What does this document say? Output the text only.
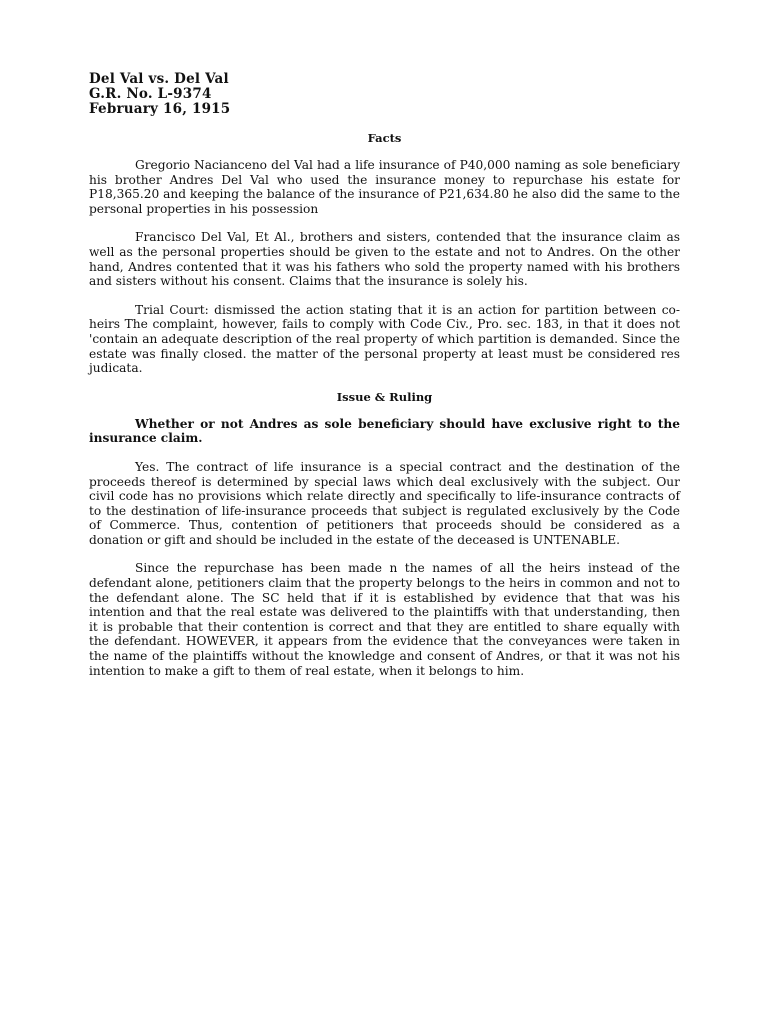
Del Val vs. Del Val
G.R. No. L-9374
February 16, 1915
Facts

Gregorio Nacianceno del Val had a life insurance of P40,000 naming as sole beneficiary his brother Andres Del Val who used the insurance money to repurchase his estate for P18,365.20 and keeping the balance of the insurance of P21,634.80 he also did the same to the personal properties in his possession

Francisco Del Val, Et Al., brothers and sisters, contended that the insurance claim as well as the personal properties should be given to the estate and not to Andres. On the other hand, Andres contented that it was his fathers who sold the property named with his brothers and sisters without his consent. Claims that the insurance is solely his.

Trial Court: dismissed the action stating that it is an action for partition between co-heirs The complaint, however, fails to comply with Code Civ., Pro. sec. 183, in that it does not 'contain an adequate description of the real property of which partition is demanded. Since the estate was finally closed. the matter of the personal property at least must be considered res judicata.

Issue & Ruling

Whether or not Andres as sole beneficiary should have exclusive right to the insurance claim.

Yes. The contract of life insurance is a special contract and the destination of the proceeds thereof is determined by special laws which deal exclusively with the subject. Our civil code has no provisions which relate directly and specifically to life-insurance contracts of to the destination of life-insurance proceeds that subject is regulated exclusively by the Code of Commerce. Thus, contention of petitioners that proceeds should be considered as a donation or gift and should be included in the estate of the deceased is UNTENABLE.

Since the repurchase has been made n the names of all the heirs instead of the defendant alone, petitioners claim that the property belongs to the heirs in common and not to the defendant alone. The SC held that if it is established by evidence that that was his intention and that the real estate was delivered to the plaintiffs with that understanding, then it is probable that their contention is correct and that they are entitled to share equally with the defendant. HOWEVER, it appears from the evidence that the conveyances were taken in the name of the plaintiffs without the knowledge and consent of Andres, or that it was not his intention to make a gift to them of real estate, when it belongs to him.
